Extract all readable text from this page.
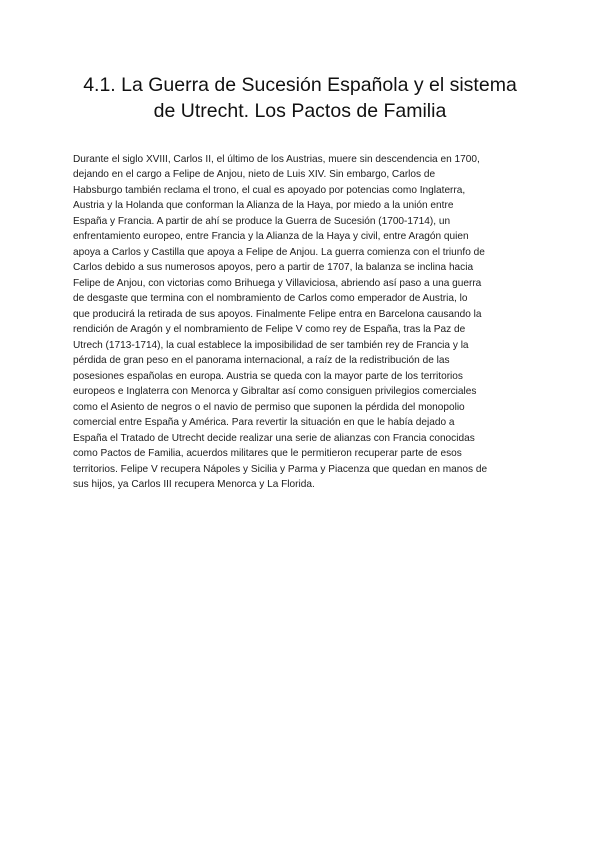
4.1. La Guerra de Sucesión Española y el sistema
de Utrecht. Los Pactos de Familia
Durante el siglo XVIII, Carlos II, el último de los Austrias, muere sin descendencia en 1700,
dejando en el cargo a Felipe de Anjou, nieto de Luis XIV. Sin embargo, Carlos de
Habsburgo también reclama el trono, el cual es apoyado por potencias como Inglaterra,
Austria y la Holanda que conforman la Alianza de la Haya, por miedo a la unión entre
España y Francia. A partir de ahí se produce la Guerra de Sucesión (1700-1714), un
enfrentamiento europeo, entre Francia y la Alianza de la Haya y civil, entre Aragón quien
apoya a Carlos y Castilla que apoya a Felipe de Anjou. La guerra comienza con el triunfo de
Carlos debido a sus numerosos apoyos, pero a partir de 1707, la balanza se inclina hacia
Felipe de Anjou, con victorias como Brihuega y Villaviciosa, abriendo así paso a una guerra
de desgaste que termina con el nombramiento de Carlos como emperador de Austria, lo
que producirá la retirada de sus apoyos. Finalmente Felipe entra en Barcelona causando la
rendición de Aragón y el nombramiento de Felipe V como rey de España, tras la Paz de
Utrech (1713-1714), la cual establece la imposibilidad de ser también rey de Francia y la
pérdida de gran peso en el panorama internacional, a raíz de la redistribución de las
posesiones españolas en europa. Austria se queda con la mayor parte de los territorios
europeos e Inglaterra con Menorca y Gibraltar así como consiguen privilegios comerciales
como el Asiento de negros o el navio de permiso que suponen la pérdida del monopolio
comercial entre España y América. Para revertir la situación en que le había dejado a
España el Tratado de Utrecht decide realizar una serie de alianzas con Francia conocidas
como Pactos de Familia, acuerdos militares que le permitieron recuperar parte de esos
territorios. Felipe V recupera Nápoles y Sicilia y Parma y Piacenza que quedan en manos de
sus hijos, ya Carlos III recupera Menorca y La Florida.
